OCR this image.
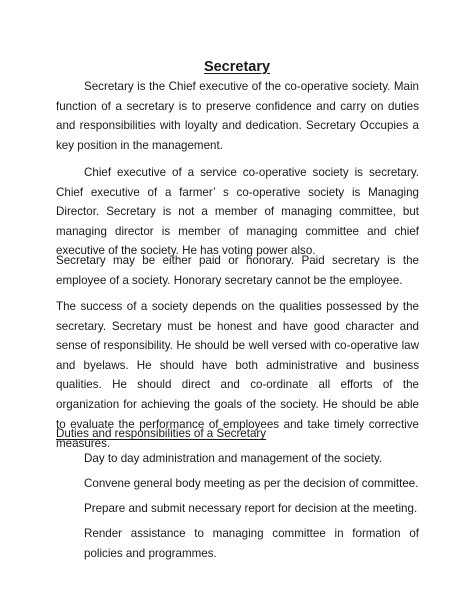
Secretary

Secretary is the Chief executive of the co-operative society. Main function of a secretary is to preserve confidence and carry on duties and responsibilities with loyalty and dedication. Secretary Occupies a key position in the management.

Chief executive of a service co-operative society is secretary. Chief executive of a farmer’ s co-operative society is Managing Director. Secretary is not a member of managing committee, but managing director is member of managing committee and chief executive of the society. He has voting power also.

Secretary may be either paid or honorary. Paid secretary is the employee of a society. Honorary secretary cannot be the employee.

The success of a society depends on the qualities possessed by the secretary. Secretary must be honest and have good character and sense of responsibility. He should be well versed with co-operative law and byelaws. He should have both administrative and business qualities. He should direct and co-ordinate all efforts of the organization for achieving the goals of the society. He should be able to evaluate the performance of employees and take timely corrective measures.

Duties and responsibilities of a Secretary

Day to day administration and management of the society.

Convene general body meeting as per the decision of committee.

Prepare and submit necessary report for decision at the meeting.

Render assistance to managing committee in formation of policies and programmes.
